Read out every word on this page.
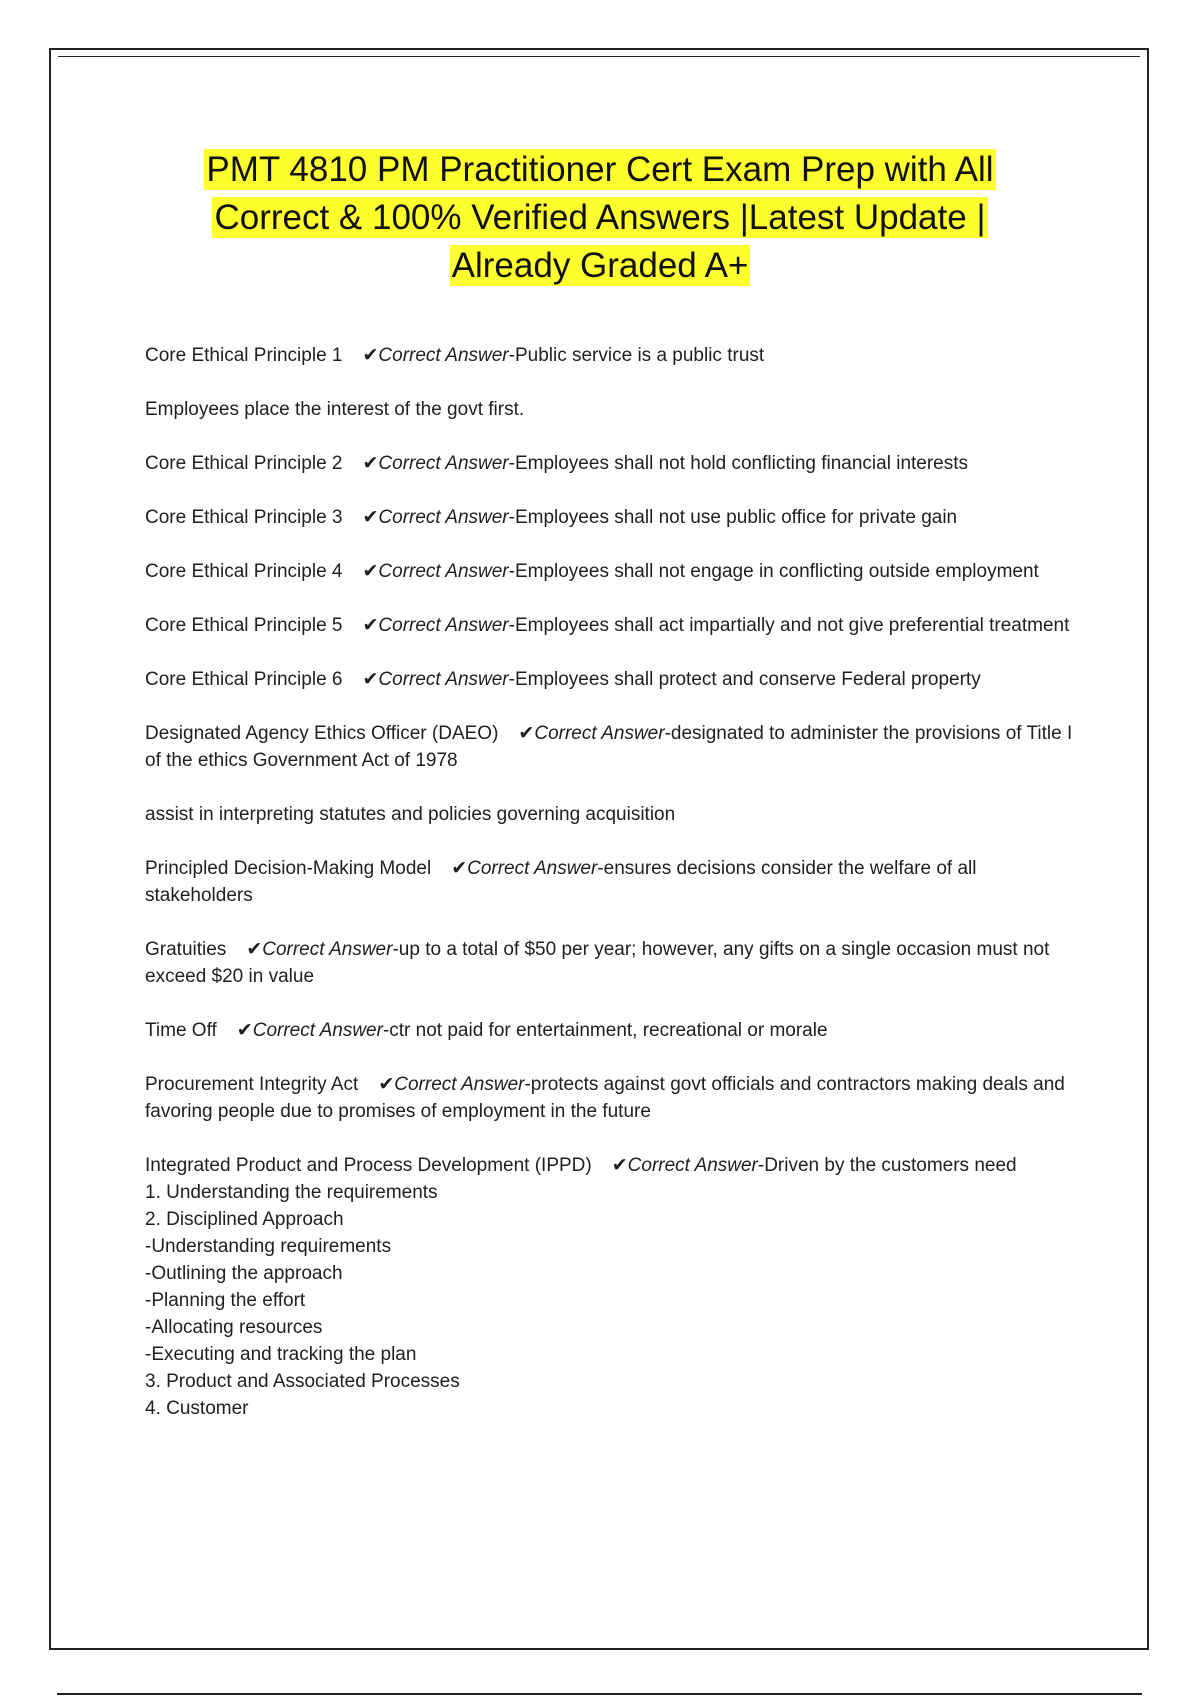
PMT 4810 PM Practitioner Cert Exam Prep with All
Correct & 100% Verified Answers |Latest Update |
Already Graded A+

Core Ethical Principle 1 ✔Correct Answer-Public service is a public trust

Employees place the interest of the govt first.

Core Ethical Principle 2 ✔Correct Answer-Employees shall not hold conflicting financial interests

Core Ethical Principle 3 ✔Correct Answer-Employees shall not use public office for private gain

Core Ethical Principle 4 ✔Correct Answer-Employees shall not engage in conflicting outside employment

Core Ethical Principle 5 ✔Correct Answer-Employees shall act impartially and not give preferential treatment

Core Ethical Principle 6 ✔Correct Answer-Employees shall protect and conserve Federal property

Designated Agency Ethics Officer (DAEO) ✔Correct Answer-designated to administer the provisions of Title I of the ethics Government Act of 1978

assist in interpreting statutes and policies governing acquisition

Principled Decision-Making Model ✔Correct Answer-ensures decisions consider the welfare of all stakeholders

Gratuities ✔Correct Answer-up to a total of $50 per year; however, any gifts on a single occasion must not exceed $20 in value

Time Off ✔Correct Answer-ctr not paid for entertainment, recreational or morale

Procurement Integrity Act ✔Correct Answer-protects against govt officials and contractors making deals and favoring people due to promises of employment in the future

Integrated Product and Process Development (IPPD) ✔Correct Answer-Driven by the customers need

1. Understanding the requirements
2. Disciplined Approach
-Understanding requirements
-Outlining the approach
-Planning the effort
-Allocating resources
-Executing and tracking the plan
3. Product and Associated Processes
4. Customer
